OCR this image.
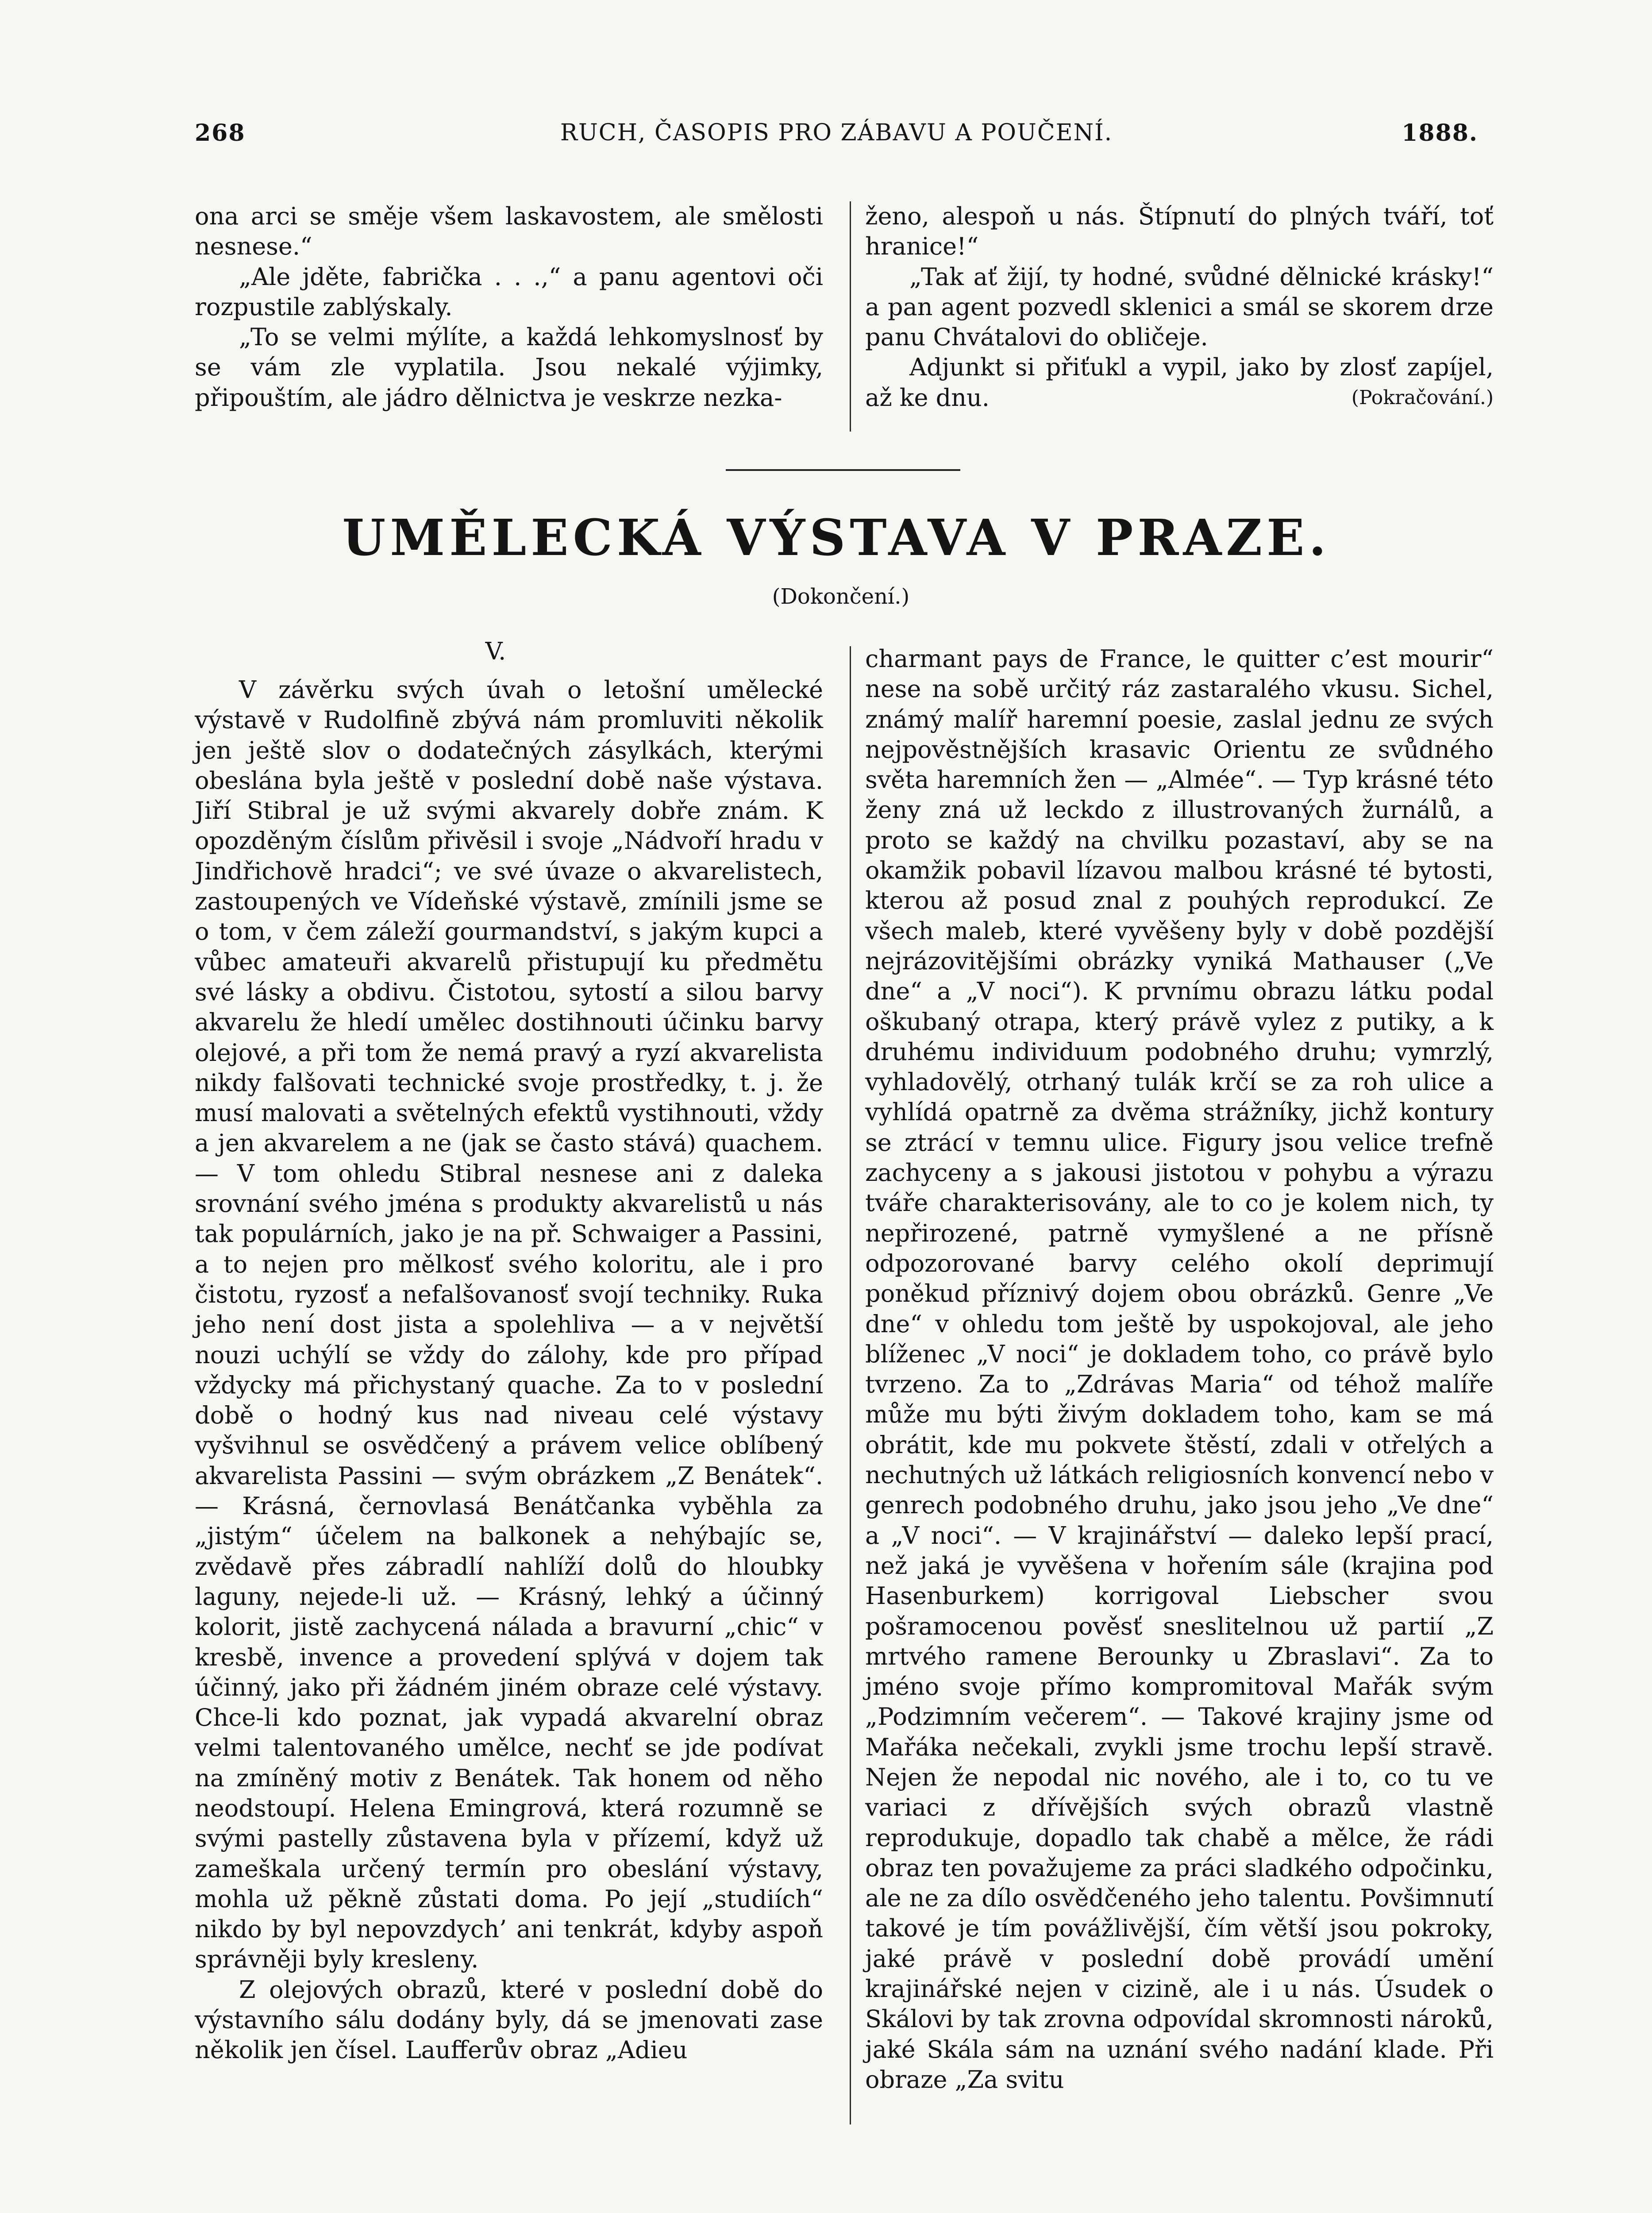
268	RUCH, ČASOPIS PRO ZÁBAVU A POUČENÍ.	1888.

ona arci se směje všem laskavostem, ale smělosti nesnese.“

„Ale jděte, fabrička . . .,“ a panu agentovi oči rozpustile zablýskaly.

„To se velmi mýlíte, a každá lehkomyslnosť by se vám zle vyplatila. Jsou nekalé výjimky, připouštím, ale jádro dělnictva je veskrze nezka-

ženo, alespoň u nás. Štípnutí do plných tváří, toť hranice!“

„Tak ať žijí, ty hodné, svůdné dělnické krásky!“ a pan agent pozvedl sklenici a smál se skorem drze panu Chvátalovi do obličeje.

Adjunkt si přiťukl a vypil, jako by zlosť zapíjel, až ke dnu.	(Pokračování.)

UMĚLECKÁ VÝSTAVA V PRAZE.
(Dokončení.)
V.

V závěrku svých úvah o letošní umělecké výstavě v Rudolfině zbývá nám promluviti několik jen ještě slov o dodatečných zásylkách, kterými obeslána byla ještě v poslední době naše výstava. Jiří Stibral je už svými akvarely dobře znám. K opozděným číslům přivěsil i svoje „Nádvoří hradu v Jindřichově hradci“; ve své úvaze o akvarelistech, zastoupených ve Vídeňské výstavě, zmínili jsme se o tom, v čem záleží gourmandství, s jakým kupci a vůbec amateuři akvarelů přistupují ku předmětu své lásky a obdivu. Čistotou, sytostí a silou barvy akvarelu že hledí umělec dostihnouti účinku barvy olejové, a při tom že nemá pravý a ryzí akvarelista nikdy falšovati technické svoje prostředky, t. j. že musí malovati a světelných efektů vystihnouti, vždy a jen akvarelem a ne (jak se často stává) quachem. — V tom ohledu Stibral nesnese ani z daleka srovnání svého jména s produkty akvarelistů u nás tak populárních, jako je na př. Schwaiger a Passini, a to nejen pro mělkosť svého koloritu, ale i pro čistotu, ryzosť a nefalšovanosť svojí techniky. Ruka jeho není dost jista a spolehliva — a v největší nouzi uchýlí se vždy do zálohy, kde pro případ vždycky má přichystaný quache. Za to v poslední době o hodný kus nad niveau celé výstavy vyšvihnul se osvědčený a právem velice oblíbený akvarelista Passini — svým obrázkem „Z Benátek“. — Krásná, černovlasá Benátčanka vyběhla za „jistým“ účelem na balkonek a nehýbajíc se, zvědavě přes zábradlí nahlíží dolů do hloubky laguny, nejede-li už. — Krásný, lehký a účinný kolorit, jistě zachycená nálada a bravurní „chic“ v kresbě, invence a provedení splývá v dojem tak účinný, jako při žádném jiném obraze celé výstavy. Chce-li kdo poznat, jak vypadá akvarelní obraz velmi talentovaného umělce, nechť se jde podívat na zmíněný motiv z Benátek. Tak honem od něho neodstoupí. Helena Emingrová, která rozumně se svými pastelly zůstavena byla v přízemí, když už zameškala určený termín pro obeslání výstavy, mohla už pěkně zůstati doma. Po její „studiích“ nikdo by byl nepovzdych’ ani tenkrát, kdyby aspoň správněji byly kresleny.

Z olejových obrazů, které v poslední době do výstavního sálu dodány byly, dá se jmenovati zase několik jen čísel. Laufferův obraz „Adieu

charmant pays de France, le quitter c’est mourir“ nese na sobě určitý ráz zastaralého vkusu. Sichel, známý malíř haremní poesie, zaslal jednu ze svých nejpověstnějších krasavic Orientu ze svůdného světa haremních žen — „Almée“. — Typ krásné této ženy zná už leckdo z illustrovaných žurnálů, a proto se každý na chvilku pozastaví, aby se na okamžik pobavil lízavou malbou krásné té bytosti, kterou až posud znal z pouhých reprodukcí. Ze všech maleb, které vyvěšeny byly v době pozdější nejrázovitějšími obrázky vyniká Mathauser („Ve dne“ a „V noci“). K prvnímu obrazu látku podal oškubaný otrapa, který právě vylez z putiky, a k druhému individuum podobného druhu; vymrzlý, vyhladovělý, otrhaný tulák krčí se za roh ulice a vyhlídá opatrně za dvěma strážníky, jichž kontury se ztrácí v temnu ulice. Figury jsou velice trefně zachyceny a s jakousi jistotou v pohybu a výrazu tváře charakterisovány, ale to co je kolem nich, ty nepřirozené, patrně vymyšlené a ne přísně odpozorované barvy celého okolí deprimují poněkud příznivý dojem obou obrázků. Genre „Ve dne“ v ohledu tom ještě by uspokojoval, ale jeho blíženec „V noci“ je dokladem toho, co právě bylo tvrzeno. Za to „Zdrávas Maria“ od téhož malíře může mu býti živým dokladem toho, kam se má obrátit, kde mu pokvete štěstí, zdali v otřelých a nechutných už látkách religiosních konvencí nebo v genrech podobného druhu, jako jsou jeho „Ve dne“ a „V noci“. — V krajinářství — daleko lepší prací, než jaká je vyvěšena v hořením sále (krajina pod Hasenburkem) korrigoval Liebscher svou pošramocenou pověsť sneslitelnou už partií „Z mrtvého ramene Berounky u Zbraslavi“. Za to jméno svoje přímo kompromitoval Mařák svým „Podzimním večerem“. — Takové krajiny jsme od Mařáka nečekali, zvykli jsme trochu lepší stravě. Nejen že nepodal nic nového, ale i to, co tu ve variaci z dřívějších svých obrazů vlastně reprodukuje, dopadlo tak chabě a mělce, že rádi obraz ten považujeme za práci sladkého odpočinku, ale ne za dílo osvědčeného jeho talentu. Povšimnutí takové je tím povážlivější, čím větší jsou pokroky, jaké právě v poslední době provádí umění krajinářské nejen v cizině, ale i u nás. Úsudek o Skálovi by tak zrovna odpovídal skromnosti nároků, jaké Skála sám na uznání svého nadání klade. Při obraze „Za svitu
